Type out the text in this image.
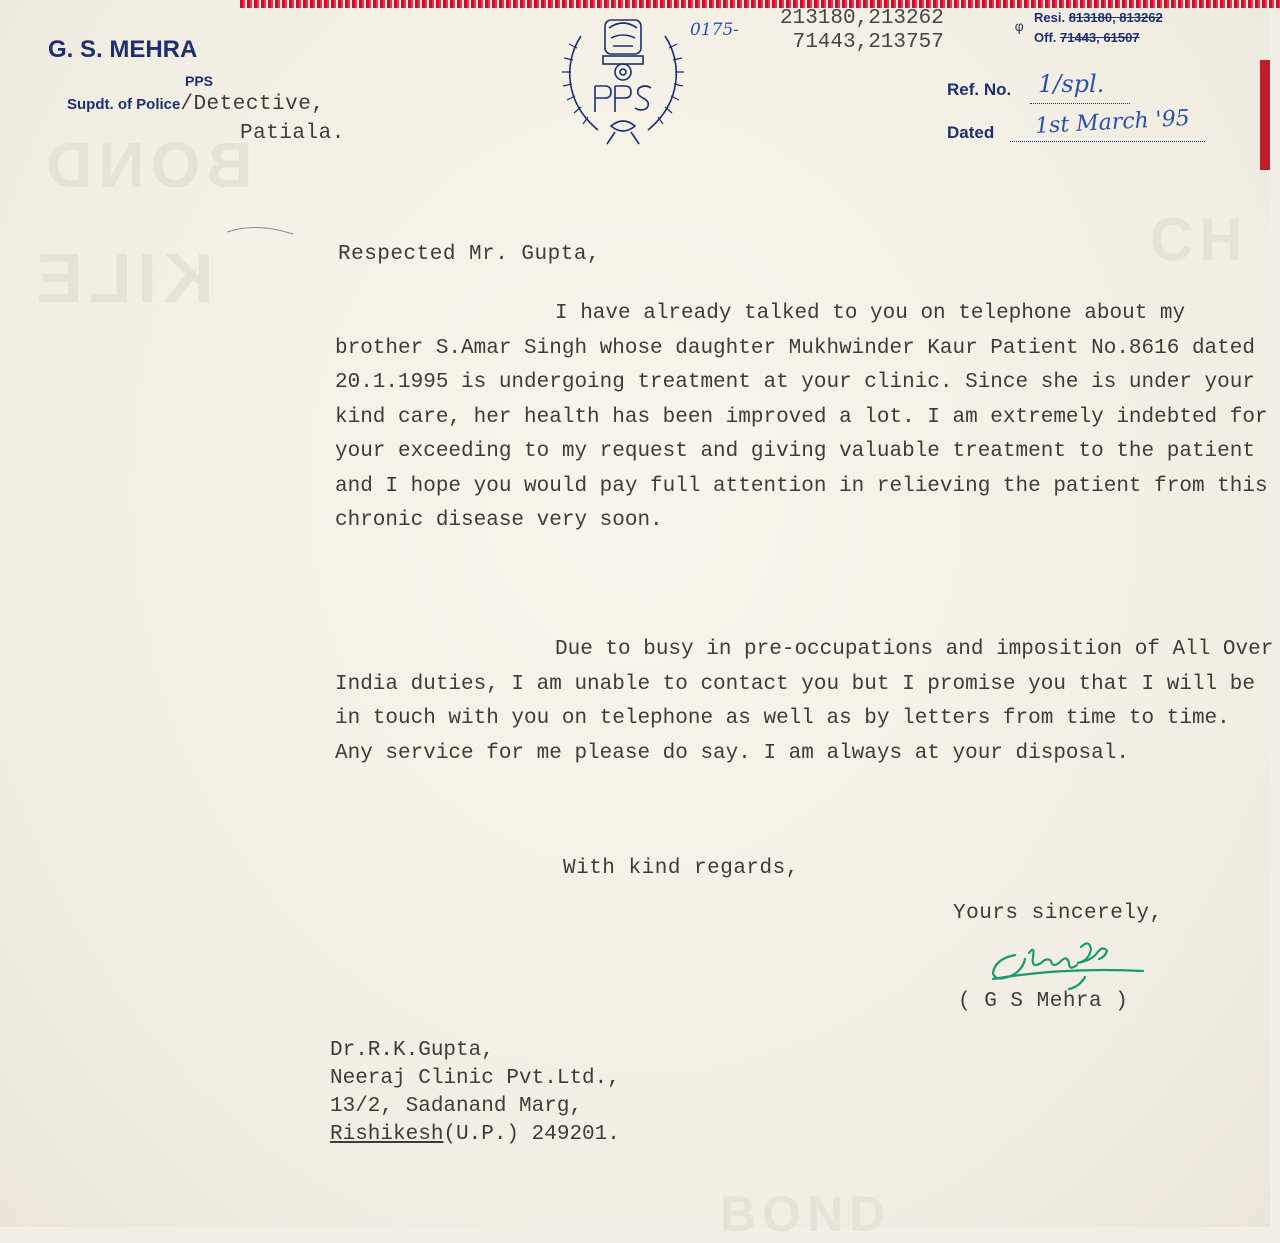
BOND
KILE	CH
G. S. MEHRA
PPS
Supdt. of Police/Detective,
Patiala.
0175- 213180,213262
71443,213757
φ
Resi. 813180, 813262
Off. 71443, 61507
Ref. No. 1/spl.
Dated 1st March '95
Respected Mr. Gupta,
I have already talked to you on telephone about my brother S.Amar Singh whose daughter Mukhwinder Kaur Patient No.8616 dated 20.1.1995 is undergoing treatment at your clinic. Since she is under your kind care, her health has been improved a lot. I am extremely indebted for your exceeding to my request and giving valuable treatment to the patient and I hope you would pay full attention in relieving the patient from this chronic disease very soon.
Due to busy in pre-occupations and imposition of All Over India duties, I am unable to contact you but I promise you that I will be in touch with you on telephone as well as by letters from time to time. Any service for me please do say. I am always at your disposal.
With kind regards,
Yours sincerely,
( G S Mehra )
Dr.R.K.Gupta,
Neeraj Clinic Pvt.Ltd.,
13/2, Sadanand Marg,
Rishikesh(U.P.) 249201.
BOND
